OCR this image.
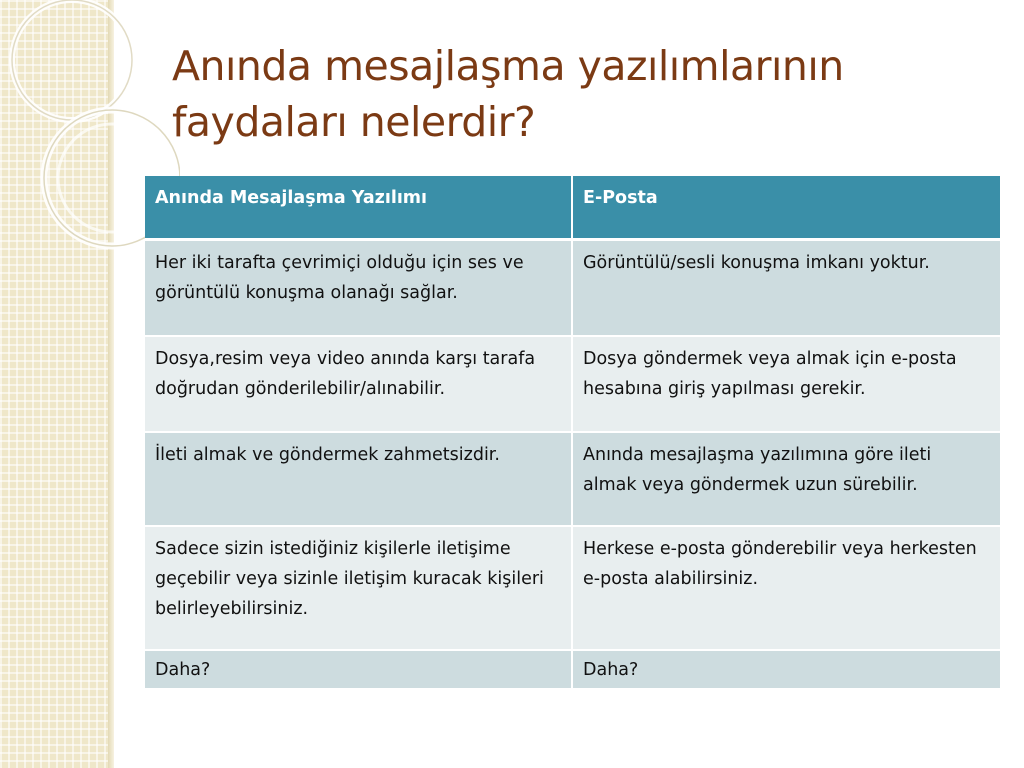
Anında mesajlaşma yazılımlarının faydaları nelerdir?
Anında Mesajlaşma Yazılımı	E-Posta
Her iki tarafta çevrimiçi olduğu için ses ve görüntülü konuşma olanağı sağlar.	Görüntülü/sesli konuşma imkanı yoktur.
Dosya,resim veya video anında karşı tarafa doğrudan gönderilebilir/alınabilir.	Dosya göndermek veya almak için e-posta hesabına giriş yapılması gerekir.
İleti almak ve göndermek zahmetsizdir.	Anında mesajlaşma yazılımına göre ileti almak veya göndermek uzun sürebilir.
Sadece sizin istediğiniz kişilerle iletişime geçebilir veya sizinle iletişim kuracak kişileri belirleyebilirsiniz.	Herkese e-posta gönderebilir veya herkesten e-posta alabilirsiniz.
Daha?	Daha?
